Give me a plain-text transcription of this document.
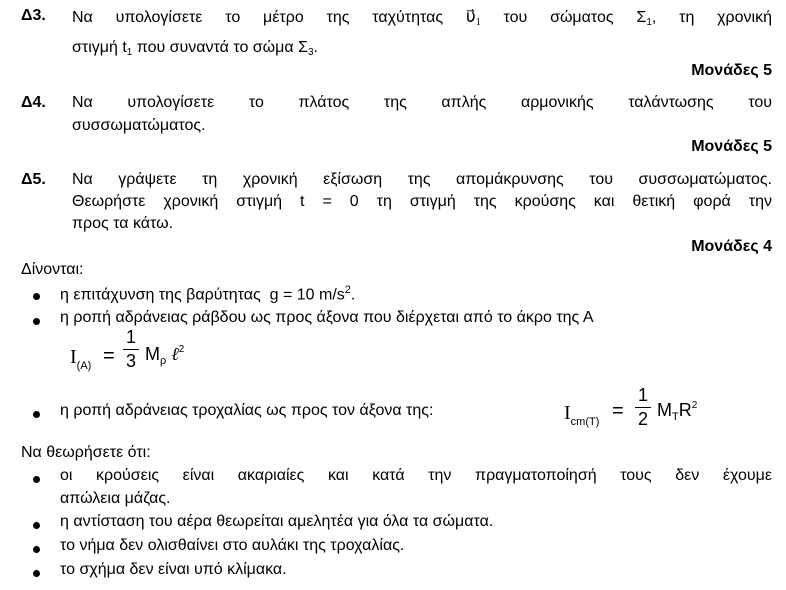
Δ3. Να υπολογίσετε το μέτρο της ταχύτητας $\upsilon⃗_1$ του σώματος $\Sigma_1$, τη χρονική
στιγμή $t_1$ που συναντά το σώμα $\Sigma_3$.
Μονάδες 5
Δ4. Να υπολογίσετε το πλάτος της απλής αρμονικής ταλάντωσης του
συσσωματώματος.
Μονάδες 5
Δ5. Να γράψετε τη χρονική εξίσωση της απομάκρυνσης του συσσωματώματος.
Θεωρήστε χρονική στιγμή t = 0 τη στιγμή της κρούσης και θετική φορά την
προς τα κάτω.
Μονάδες 4
Δίνονται:
η επιτάχυνση της βαρύτητας  g = 10 $m/s^2$.
η ροπή αδράνειας ράβδου ως προς άξονα που διέρχεται από το άκρο της Α
$I_{(A)}$ =
1
3 $M_\rho$ ℓ$^2$
η ροπή αδράνειας τροχαλίας ως προς τον άξονα της:	$I_{cm(T)}$ =
1
2 $M_TR^2$
Να θεωρήσετε ότι:
οι κρούσεις είναι ακαριαίες και κατά την πραγματοποίησή τους δεν έχουμε
απώλεια μάζας.
η αντίσταση του αέρα θεωρείται αμελητέα για όλα τα σώματα.
το νήμα δεν ολισθαίνει στο αυλάκι της τροχαλίας.
το σχήμα δεν είναι υπό κλίμακα.
